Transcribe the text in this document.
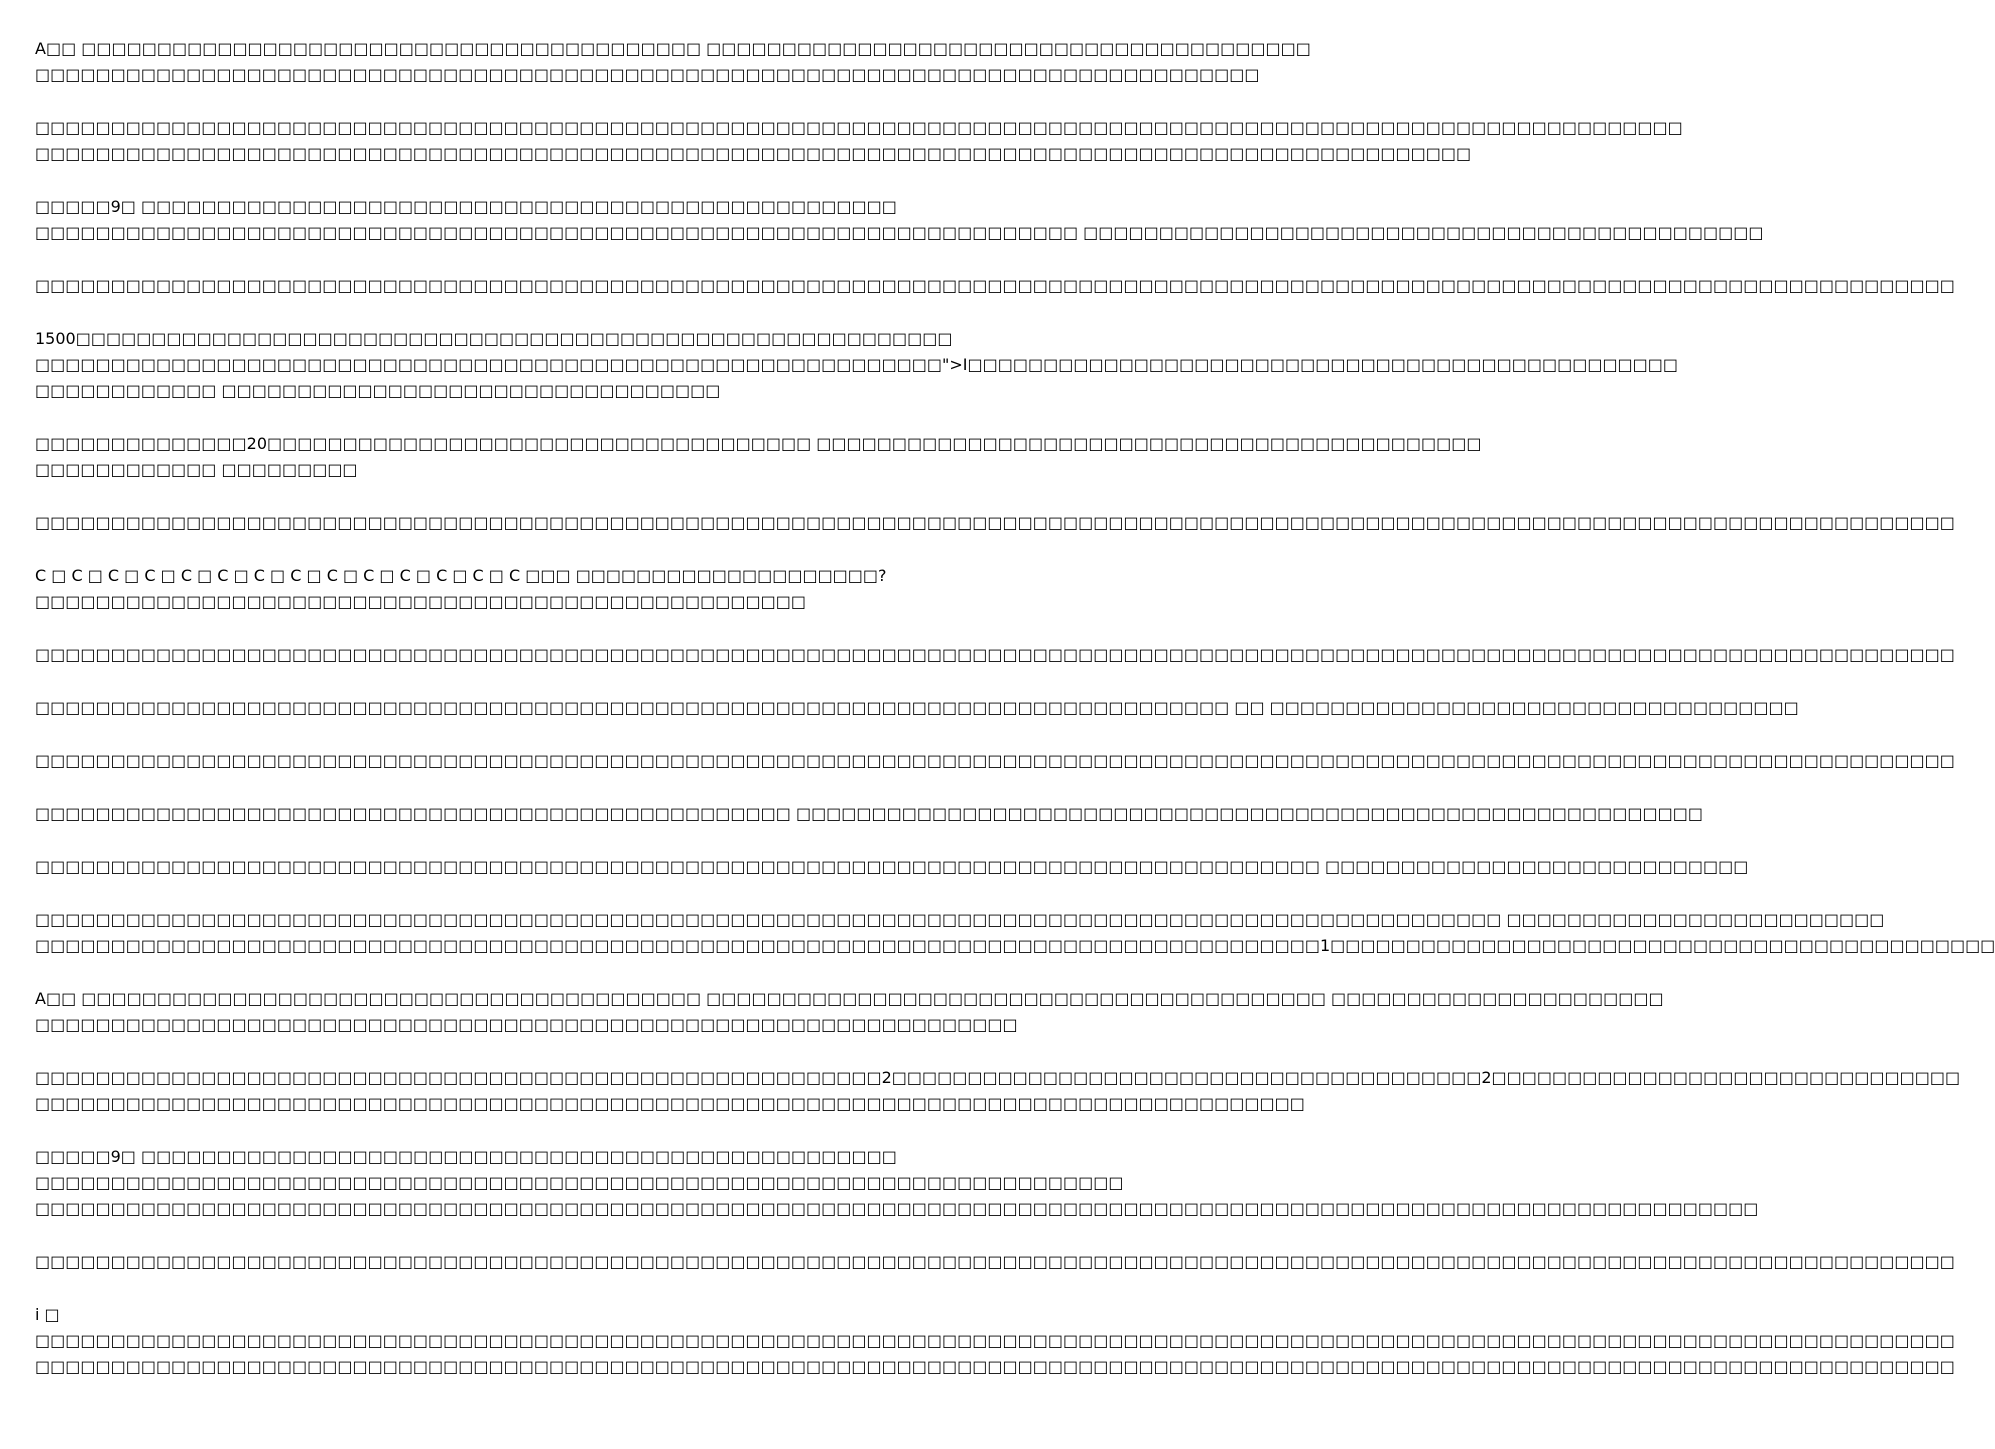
A□□ □□□□□□□□□□□□□□□□□□□□□□□□□□□□□□□□□□□□□□□□□ □□□□□□□□□□□□□□□□□□□□□□□□□□□□□□□□□□□□□□□□
□□□□□□□□□□□□□□□□□□□□□□□□□□□□□□□□□□□□□□□□□□□□□□□□□□□□□□□□□□□□□□□□□□□□□□□□□□□□□□□□□
□□□□□□□□□□□□□□□□□□□□□□□□□□□□□□□□□□□□□□□□□□□□□□□□□□□□□□□□□□□□□□□□□□□□□□□□□□□□□□□□□□□□□□□□□□□□□□□□□□□□□□□□□□□□□
□□□□□□□□□□□□□□□□□□□□□□□□□□□□□□□□□□□□□□□□□□□□□□□□□□□□□□□□□□□□□□□□□□□□□□□□□□□□□□□□□□□□□□□□□□□□□□□
□□□□□9□ □□□□□□□□□□□□□□□□□□□□□□□□□□□□□□□□□□□□□□□□□□□□□□□□□□
□□□□□□□□□□□□□□□□□□□□□□□□□□□□□□□□□□□□□□□□□□□□□□□□□□□□□□□□□□□□□□□□□□□□□ □□□□□□□□□□□□□□□□□□□□□□□□□□□□□□□□□□□□□□□□□□□□□
□□□□□□□□□□□□□□□□□□□□□□□□□□□□□□□□□□□□□□□□□□□□□□□□□□□□□□□□□□□□□□□□□□□□□□□□□□□□□□□□□□□□□□□□□□□□□□□□□□□□□□□□□□□□□□□□□□□□□□□□□□□□□□□
1500□□□□□□□□□□□□□□□□□□□□□□□□□□□□□□□□□□□□□□□□□□□□□□□□□□□□□□□□□□
□□□□□□□□□□□□□□□□□□□□□□□□□□□□□□□□□□□□□□□□□□□□□□□□□□□□□□□□□□□□">I□□□□□□□□□□□□□□□□□□□□□□□□□□□□□□□□□□□□□□□□□□□□□□□
□□□□□□□□□□□□ □□□□□□□□□□□□□□□□□□□□□□□□□□□□□□□□□
□□□□□□□□□□□□□□20□□□□□□□□□□□□□□□□□□□□□□□□□□□□□□□□□□□□ □□□□□□□□□□□□□□□□□□□□□□□□□□□□□□□□□□□□□□□□□□□□
□□□□□□□□□□□□ □□□□□□□□□
□□□□□□□□□□□□□□□□□□□□□□□□□□□□□□□□□□□□□□□□□□□□□□□□□□□□□□□□□□□□□□□□□□□□□□□□□□□□□□□□□□□□□□□□□□□□□□□□□□□□□□□□□□□□□□□□□□□□□□□□□□□□□□□
C □ C □ C □ C □ C □ C □ C □ C □ C □ C □ C □ C □ C □ C □□□ □□□□□□□□□□□□□□□□□□□□?
□□□□□□□□□□□□□□□□□□□□□□□□□□□□□□□□□□□□□□□□□□□□□□□□□□□
□□□□□□□□□□□□□□□□□□□□□□□□□□□□□□□□□□□□□□□□□□□□□□□□□□□□□□□□□□□□□□□□□□□□□□□□□□□□□□□□□□□□□□□□□□□□□□□□□□□□□□□□□□□□□□□□□□□□□□□□□□□□□□□
□□□□□□□□□□□□□□□□□□□□□□□□□□□□□□□□□□□□□□□□□□□□□□□□□□□□□□□□□□□□□□□□□□□□□□□□□□□□□□□ □□ □□□□□□□□□□□□□□□□□□□□□□□□□□□□□□□□□□□
□□□□□□□□□□□□□□□□□□□□□□□□□□□□□□□□□□□□□□□□□□□□□□□□□□□□□□□□□□□□□□□□□□□□□□□□□□□□□□□□□□□□□□□□□□□□□□□□□□□□□□□□□□□□□□□□□□□□□□□□□□□□□□□
□□□□□□□□□□□□□□□□□□□□□□□□□□□□□□□□□□□□□□□□□□□□□□□□□□ □□□□□□□□□□□□□□□□□□□□□□□□□□□□□□□□□□□□□□□□□□□□□□□□□□□□□□□□□□□□
□□□□□□□□□□□□□□□□□□□□□□□□□□□□□□□□□□□□□□□□□□□□□□□□□□□□□□□□□□□□□□□□□□□□□□□□□□□□□□□□□□□□□ □□□□□□□□□□□□□□□□□□□□□□□□□□□□
□□□□□□□□□□□□□□□□□□□□□□□□□□□□□□□□□□□□□□□□□□□□□□□□□□□□□□□□□□□□□□□□□□□□□□□□□□□□□□□□□□□□□□□□□□□□□□□□□ □□□□□□□□□□□□□□□□□□□□□□□□□
□□□□□□□□□□□□□□□□□□□□□□□□□□□□□□□□□□□□□□□□□□□□□□□□□□□□□□□□□□□□□□□□□□□□□□□□□□□□□□□□□□□□□1□□□□□□□□□□□□□□□□□□□□□□□□□□□□□□□□□□□□□□□□□□□□
A□□ □□□□□□□□□□□□□□□□□□□□□□□□□□□□□□□□□□□□□□□□□ □□□□□□□□□□□□□□□□□□□□□□□□□□□□□□□□□□□□□□□□□ □□□□□□□□□□□□□□□□□□□□□□
□□□□□□□□□□□□□□□□□□□□□□□□□□□□□□□□□□□□□□□□□□□□□□□□□□□□□□□□□□□□□□□□□
□□□□□□□□□□□□□□□□□□□□□□□□□□□□□□□□□□□□□□□□□□□□□□□□□□□□□□□□2□□□□□□□□□□□□□□□□□□□□□□□□□□□□□□□□□□□□□□□2□□□□□□□□□□□□□□□□□□□□□□□□□□□□□□□
□□□□□□□□□□□□□□□□□□□□□□□□□□□□□□□□□□□□□□□□□□□□□□□□□□□□□□□□□□□□□□□□□□□□□□□□□□□□□□□□□□□□
□□□□□9□ □□□□□□□□□□□□□□□□□□□□□□□□□□□□□□□□□□□□□□□□□□□□□□□□□□
□□□□□□□□□□□□□□□□□□□□□□□□□□□□□□□□□□□□□□□□□□□□□□□□□□□□□□□□□□□□□□□□□□□□□□□□
□□□□□□□□□□□□□□□□□□□□□□□□□□□□□□□□□□□□□□□□□□□□□□□□□□□□□□□□□□□□□□□□□□□□□□□□□□□□□□□□□□□□□□□□□□□□□□□□□□□□□□□□□□□□□□□□□□
□□□□□□□□□□□□□□□□□□□□□□□□□□□□□□□□□□□□□□□□□□□□□□□□□□□□□□□□□□□□□□□□□□□□□□□□□□□□□□□□□□□□□□□□□□□□□□□□□□□□□□□□□□□□□□□□□□□□□□□□□□□□□□□
i □
□□□□□□□□□□□□□□□□□□□□□□□□□□□□□□□□□□□□□□□□□□□□□□□□□□□□□□□□□□□□□□□□□□□□□□□□□□□□□□□□□□□□□□□□□□□□□□□□□□□□□□□□□□□□□□□□□□□□□□□□□□□□□□□
□□□□□□□□□□□□□□□□□□□□□□□□□□□□□□□□□□□□□□□□□□□□□□□□□□□□□□□□□□□□□□□□□□□□□□□□□□□□□□□□□□□□□□□□□□□□□□□□□□□□□□□□□□□□□□□□□□□□□□□□□□□□□□□
